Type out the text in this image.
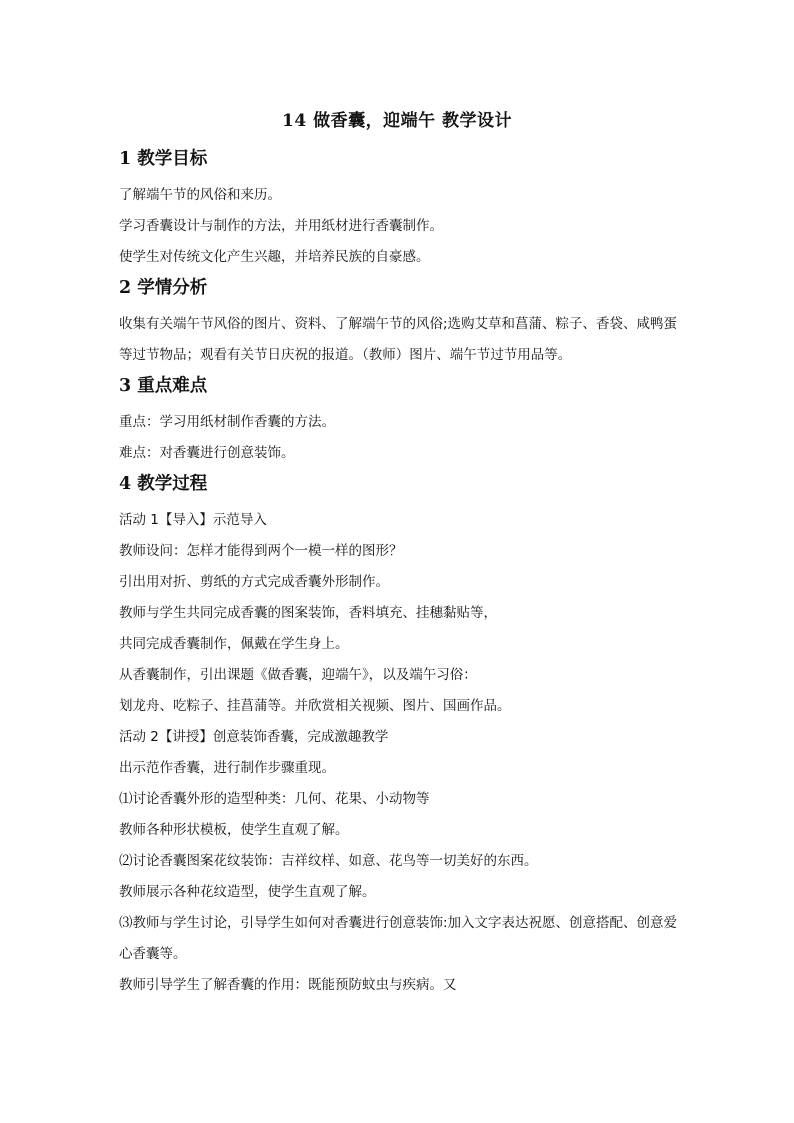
14 做香囊，迎端午 教学设计
1 教学目标

了解端午节的风俗和来历。

学习香囊设计与制作的方法，并用纸材进行香囊制作。

使学生对传统文化产生兴趣，并培养民族的自豪感。

2 学情分析

收集有关端午节风俗的图片、资料、了解端午节的风俗;选购艾草和菖蒲、粽子、香袋、咸鸭蛋等过节物品；观看有关节日庆祝的报道。（教师）图片、端午节过节用品等。

3 重点难点

重点：学习用纸材制作香囊的方法。

难点：对香囊进行创意装饰。

4 教学过程

活动 1【导入】示范导入

教师设问：怎样才能得到两个一模一样的图形？

引出用对折、剪纸的方式完成香囊外形制作。

教师与学生共同完成香囊的图案装饰，香料填充、挂穗黏贴等，

共同完成香囊制作，佩戴在学生身上。

从香囊制作，引出课题《做香囊，迎端午》，以及端午习俗：

划龙舟、吃粽子、挂菖蒲等。并欣赏相关视频、图片、国画作品。

活动 2【讲授】创意装饰香囊，完成激趣教学

出示范作香囊，进行制作步骤重现。

⑴讨论香囊外形的造型种类：几何、花果、小动物等

教师各种形状模板，使学生直观了解。

⑵讨论香囊图案花纹装饰：吉祥纹样、如意、花鸟等一切美好的东西。

教师展示各种花纹造型，使学生直观了解。

⑶教师与学生讨论，引导学生如何对香囊进行创意装饰:加入文字表达祝愿、创意搭配、创意爱心香囊等。

教师引导学生了解香囊的作用：既能预防蚊虫与疾病。又
